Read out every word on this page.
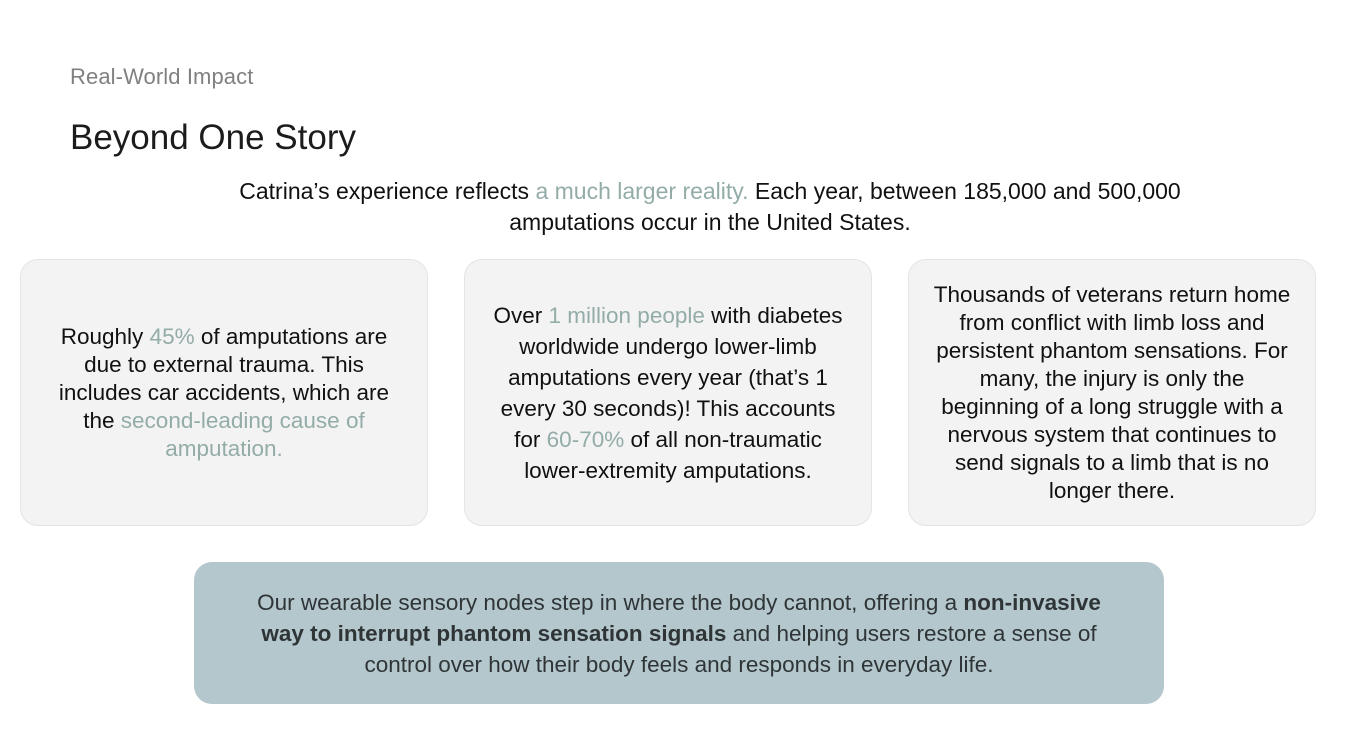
Real-World Impact
Beyond One Story
Catrina’s experience reflects a much larger reality. Each year, between 185,000 and 500,000 amputations occur in the United States.

Roughly 45% of amputations are due to external trauma. This includes car accidents, which are the second-leading cause of amputation.

Over 1 million people with diabetes worldwide undergo lower-limb amputations every year (that’s 1 every 30 seconds)! This accounts for 60-70% of all non-traumatic lower-extremity amputations.

Thousands of veterans return home from conflict with limb loss and persistent phantom sensations. For many, the injury is only the beginning of a long struggle with a nervous system that continues to send signals to a limb that is no longer there.

Our wearable sensory nodes step in where the body cannot, offering a non-invasive way to interrupt phantom sensation signals and helping users restore a sense of control over how their body feels and responds in everyday life.
